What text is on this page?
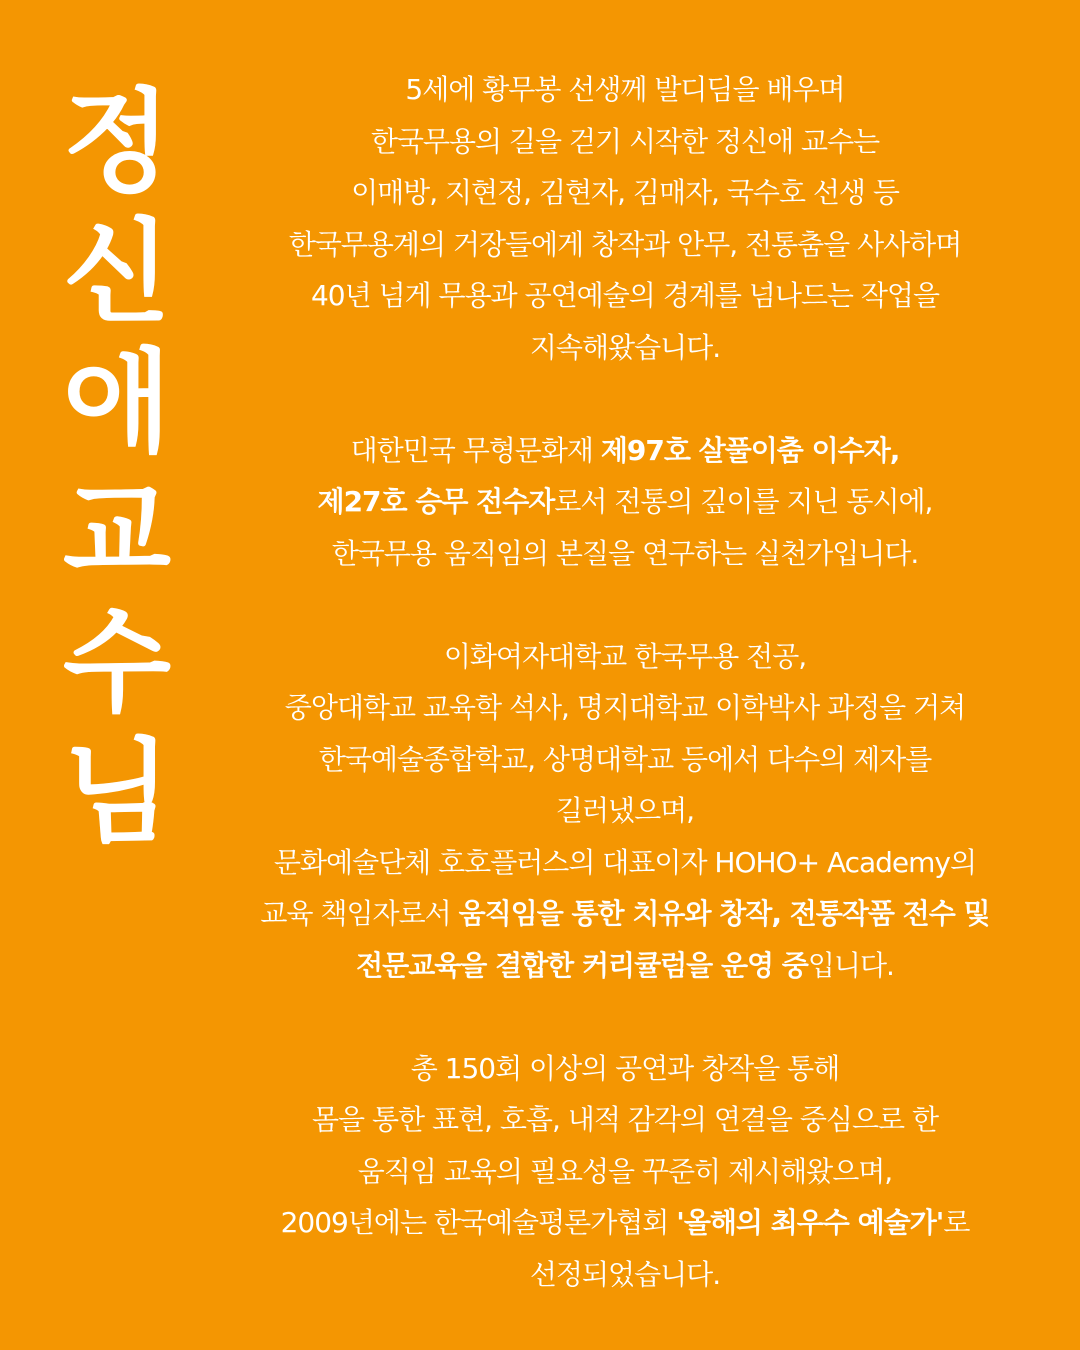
정
신
애
교
수
님
5세에 황무봉 선생께 발디딤을 배우며
한국무용의 길을 걷기 시작한 정신애 교수는
이매방, 지현정, 김현자, 김매자, 국수호 선생 등
한국무용계의 거장들에게 창작과 안무, 전통춤을 사사하며
40년 넘게 무용과 공연예술의 경계를 넘나드는 작업을
지속해왔습니다.
대한민국 무형문화재 제97호 살풀이춤 이수자,
제27호 승무 전수자로서 전통의 깊이를 지닌 동시에,
한국무용 움직임의 본질을 연구하는 실천가입니다.
이화여자대학교 한국무용 전공,
중앙대학교 교육학 석사, 명지대학교 이학박사 과정을 거쳐
한국예술종합학교, 상명대학교 등에서 다수의 제자를
길러냈으며,
문화예술단체 호호플러스의 대표이자 HOHO+ Academy의
교육 책임자로서 움직임을 통한 치유와 창작, 전통작품 전수 및
전문교육을 결합한 커리큘럼을 운영 중입니다.
총 150회 이상의 공연과 창작을 통해
몸을 통한 표현, 호흡, 내적 감각의 연결을 중심으로 한
움직임 교육의 필요성을 꾸준히 제시해왔으며,
2009년에는 한국예술평론가협회 '올해의 최우수 예술가'로
선정되었습니다.
